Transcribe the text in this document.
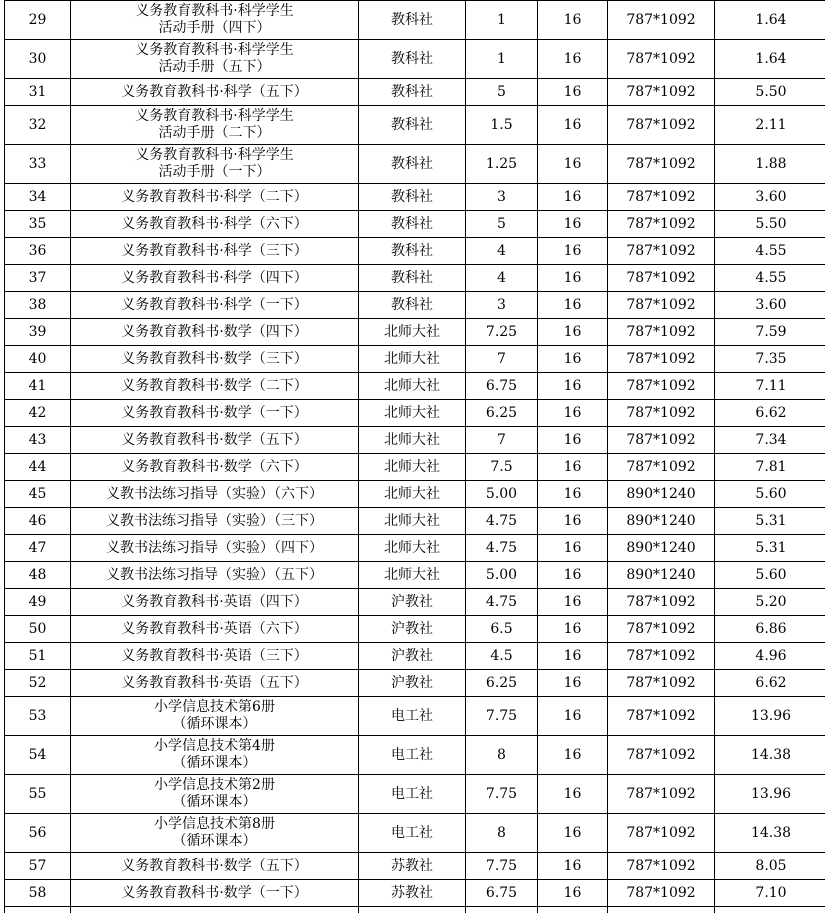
29	义务教育教科书·科学学生
活动手册（四下）	教科社	1	16	787*1092	1.64
30	义务教育教科书·科学学生
活动手册（五下）	教科社	1	16	787*1092	1.64
31	义务教育教科书·科学（五下）	教科社	5	16	787*1092	5.50
32	义务教育教科书·科学学生
活动手册（二下）	教科社	1.5	16	787*1092	2.11
33	义务教育教科书·科学学生
活动手册（一下）	教科社	1.25	16	787*1092	1.88
34	义务教育教科书·科学（二下）	教科社	3	16	787*1092	3.60
35	义务教育教科书·科学（六下）	教科社	5	16	787*1092	5.50
36	义务教育教科书·科学（三下）	教科社	4	16	787*1092	4.55
37	义务教育教科书·科学（四下）	教科社	4	16	787*1092	4.55
38	义务教育教科书·科学（一下）	教科社	3	16	787*1092	3.60
39	义务教育教科书·数学（四下）	北师大社	7.25	16	787*1092	7.59
40	义务教育教科书·数学（三下）	北师大社	7	16	787*1092	7.35
41	义务教育教科书·数学（二下）	北师大社	6.75	16	787*1092	7.11
42	义务教育教科书·数学（一下）	北师大社	6.25	16	787*1092	6.62
43	义务教育教科书·数学（五下）	北师大社	7	16	787*1092	7.34
44	义务教育教科书·数学（六下）	北师大社	7.5	16	787*1092	7.81
45	义教书法练习指导（实验）（六下）	北师大社	5.00	16	890*1240	5.60
46	义教书法练习指导（实验）（三下）	北师大社	4.75	16	890*1240	5.31
47	义教书法练习指导（实验）（四下）	北师大社	4.75	16	890*1240	5.31
48	义教书法练习指导（实验）（五下）	北师大社	5.00	16	890*1240	5.60
49	义务教育教科书·英语（四下）	沪教社	4.75	16	787*1092	5.20
50	义务教育教科书·英语（六下）	沪教社	6.5	16	787*1092	6.86
51	义务教育教科书·英语（三下）	沪教社	4.5	16	787*1092	4.96
52	义务教育教科书·英语（五下）	沪教社	6.25	16	787*1092	6.62
53	小学信息技术第6册
（循环课本）	电工社	7.75	16	787*1092	13.96
54	小学信息技术第4册
（循环课本）	电工社	8	16	787*1092	14.38
55	小学信息技术第2册
（循环课本）	电工社	7.75	16	787*1092	13.96
56	小学信息技术第8册
（循环课本）	电工社	8	16	787*1092	14.38
57	义务教育教科书·数学（五下）	苏教社	7.75	16	787*1092	8.05
58	义务教育教科书·数学（一下）	苏教社	6.75	16	787*1092	7.10
